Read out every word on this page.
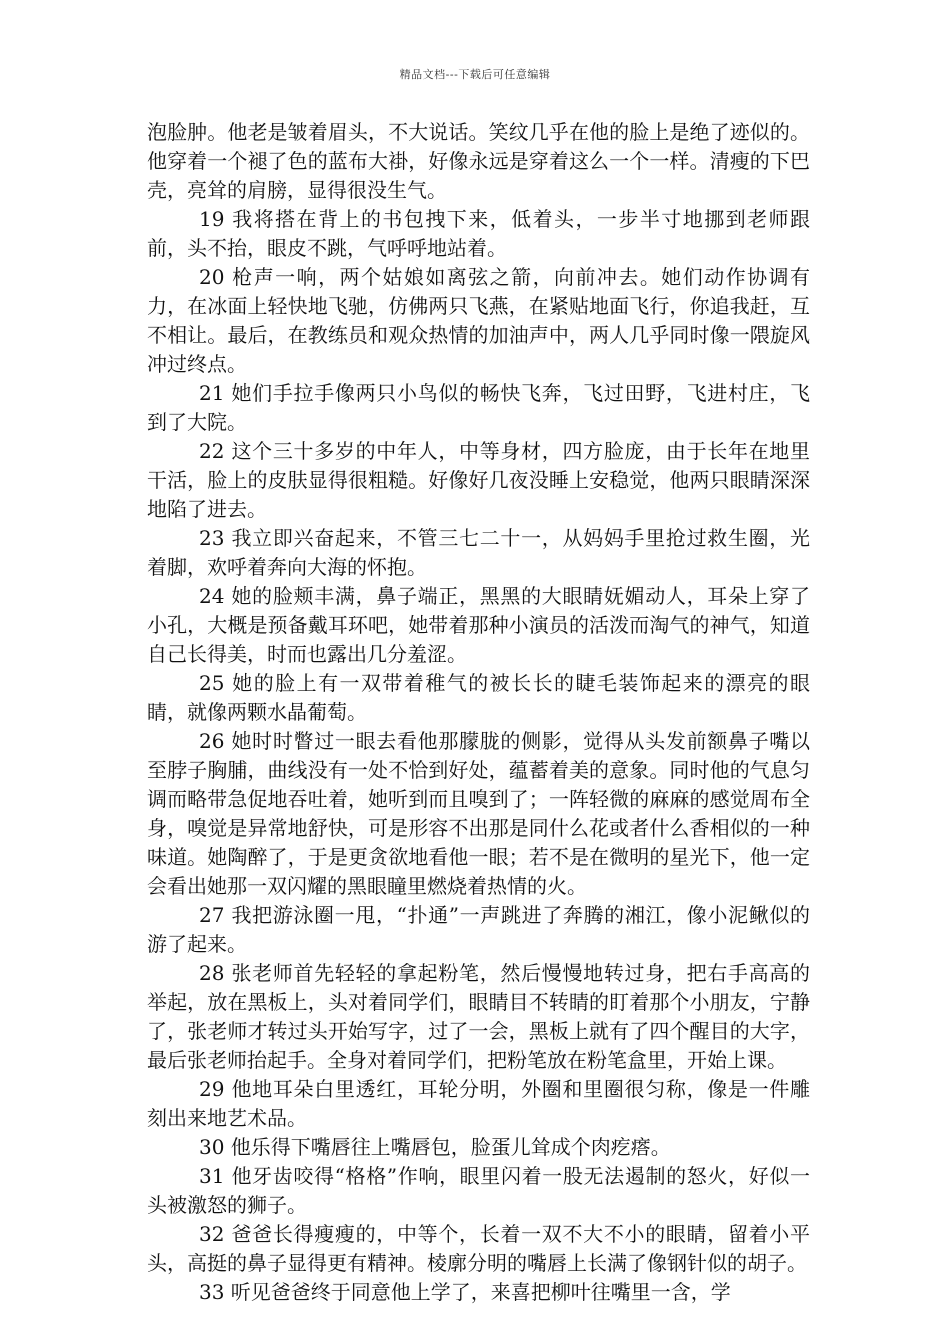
精品文档---下载后可任意编辑

泡脸肿。他老是皱着眉头，不大说话。笑纹几乎在他的脸上是绝了迹似的。他穿着一个褪了色的蓝布大褂，好像永远是穿着这么一个一样。清瘦的下巴壳，亮耸的肩膀，显得很没生气。

19 我将搭在背上的书包拽下来，低着头，一步半寸地挪到老师跟前，头不抬，眼皮不跳，气呼呼地站着。

20 枪声一响，两个姑娘如离弦之箭，向前冲去。她们动作协调有力，在冰面上轻快地飞驰，仿佛两只飞燕，在紧贴地面飞行，你追我赶，互不相让。最后，在教练员和观众热情的加油声中，两人几乎同时像一隈旋风冲过终点。

21 她们手拉手像两只小鸟似的畅快飞奔，飞过田野，飞进村庄，飞到了大院。

22 这个三十多岁的中年人，中等身材，四方脸庞，由于长年在地里干活，脸上的皮肤显得很粗糙。好像好几夜没睡上安稳觉，他两只眼睛深深地陷了进去。

23 我立即兴奋起来，不管三七二十一，从妈妈手里抢过救生圈，光着脚，欢呼着奔向大海的怀抱。

24 她的脸颊丰满，鼻子端正，黑黑的大眼睛妩媚动人，耳朵上穿了小孔，大概是预备戴耳环吧，她带着那种小演员的活泼而淘气的神气，知道自己长得美，时而也露出几分羞涩。

25 她的脸上有一双带着稚气的被长长的睫毛装饰起来的漂亮的眼睛，就像两颗水晶葡萄。

26 她时时瞥过一眼去看他那朦胧的侧影，觉得从头发前额鼻子嘴以至脖子胸脯，曲线没有一处不恰到好处，蕴蓄着美的意象。同时他的气息匀调而略带急促地吞吐着，她听到而且嗅到了；一阵轻微的麻麻的感觉周布全身，嗅觉是异常地舒快，可是形容不出那是同什么花或者什么香相似的一种味道。她陶醉了，于是更贪欲地看他一眼；若不是在微明的星光下，他一定会看出她那一双闪耀的黑眼瞳里燃烧着热情的火。

27 我把游泳圈一甩，“扑通”一声跳进了奔腾的湘江，像小泥鳅似的游了起来。

28 张老师首先轻轻的拿起粉笔，然后慢慢地转过身，把右手高高的举起，放在黑板上，头对着同学们，眼睛目不转睛的盯着那个小朋友，宁静了，张老师才转过头开始写字，过了一会，黑板上就有了四个醒目的大字，最后张老师抬起手。全身对着同学们，把粉笔放在粉笔盒里，开始上课。

29 他地耳朵白里透红，耳轮分明，外圈和里圈很匀称，像是一件雕刻出来地艺术品。

30 他乐得下嘴唇往上嘴唇包，脸蛋儿耸成个肉疙瘩。

31 他牙齿咬得“格格”作响，眼里闪着一股无法遏制的怒火，好似一头被激怒的狮子。

32 爸爸长得瘦瘦的，中等个，长着一双不大不小的眼睛，留着小平头，高挺的鼻子显得更有精神。棱廓分明的嘴唇上长满了像钢针似的胡子。

33 听见爸爸终于同意他上学了，来喜把柳叶往嘴里一含，学
